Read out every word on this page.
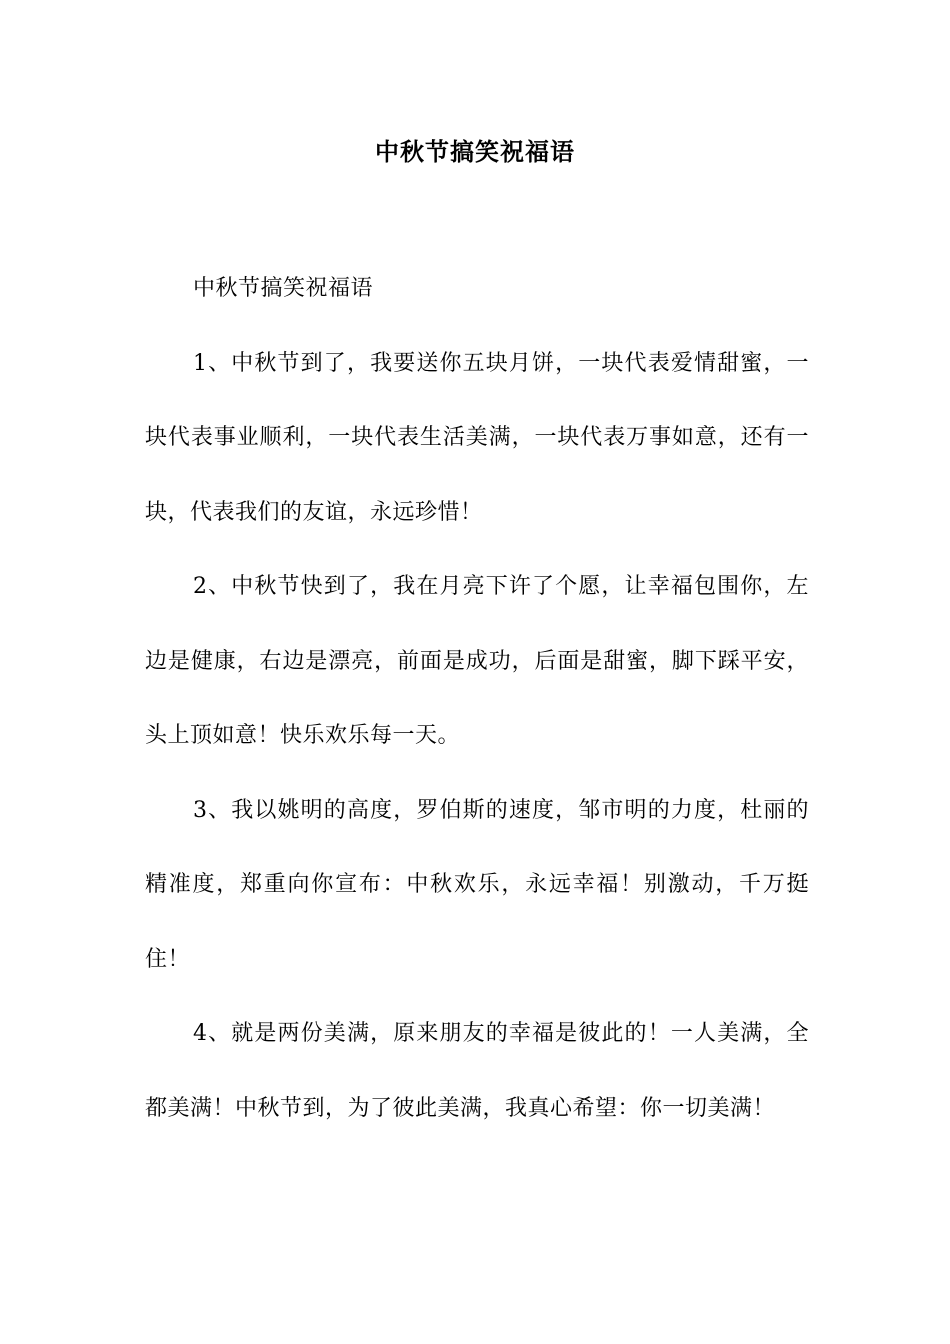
中秋节搞笑祝福语

中秋节搞笑祝福语

1、中秋节到了，我要送你五块月饼，一块代表爱情甜蜜，一块代表事业顺利，一块代表生活美满，一块代表万事如意，还有一块，代表我们的友谊，永远珍惜！

2、中秋节快到了，我在月亮下许了个愿，让幸福包围你，左边是健康，右边是漂亮，前面是成功，后面是甜蜜，脚下踩平安，头上顶如意！快乐欢乐每一天。

3、我以姚明的高度，罗伯斯的速度，邹市明的力度，杜丽的精准度，郑重向你宣布：中秋欢乐，永远幸福！别激动，千万挺住！

4、就是两份美满，原来朋友的幸福是彼此的！一人美满，全都美满！中秋节到，为了彼此美满，我真心希望：你一切美满！
